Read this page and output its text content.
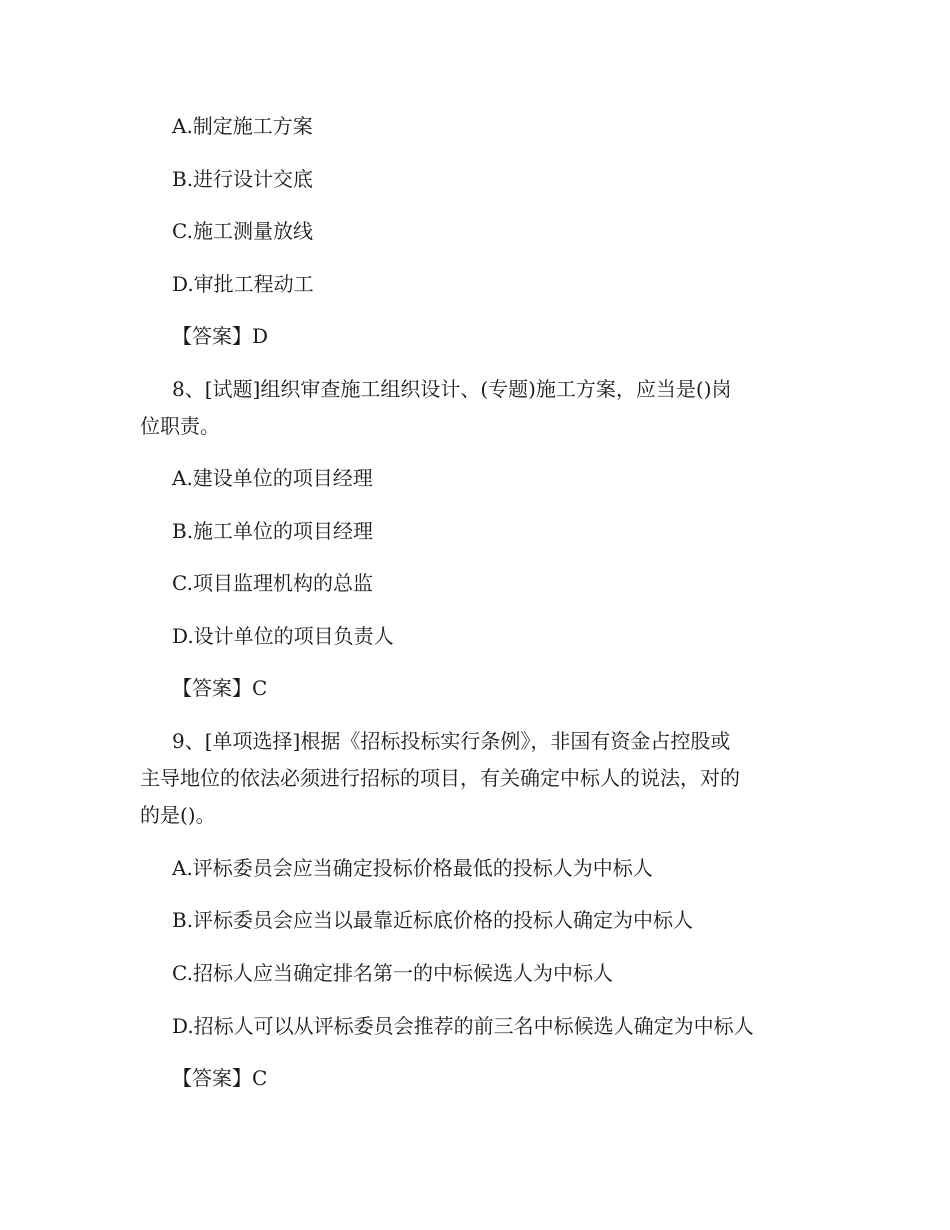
A.制定施工方案
B.进行设计交底
C.施工测量放线
D.审批工程动工
【答案】D
8、[试题]组织审查施工组织设计、(专题)施工方案，应当是()岗
位职责。
A.建设单位的项目经理
B.施工单位的项目经理
C.项目监理机构的总监
D.设计单位的项目负责人
【答案】C
9、[单项选择]根据《招标投标实行条例》，非国有资金占控股或
主导地位的依法必须进行招标的项目，有关确定中标人的说法，对的
的是()。
A.评标委员会应当确定投标价格最低的投标人为中标人
B.评标委员会应当以最靠近标底价格的投标人确定为中标人
C.招标人应当确定排名第一的中标候选人为中标人
D.招标人可以从评标委员会推荐的前三名中标候选人确定为中标人
【答案】C
